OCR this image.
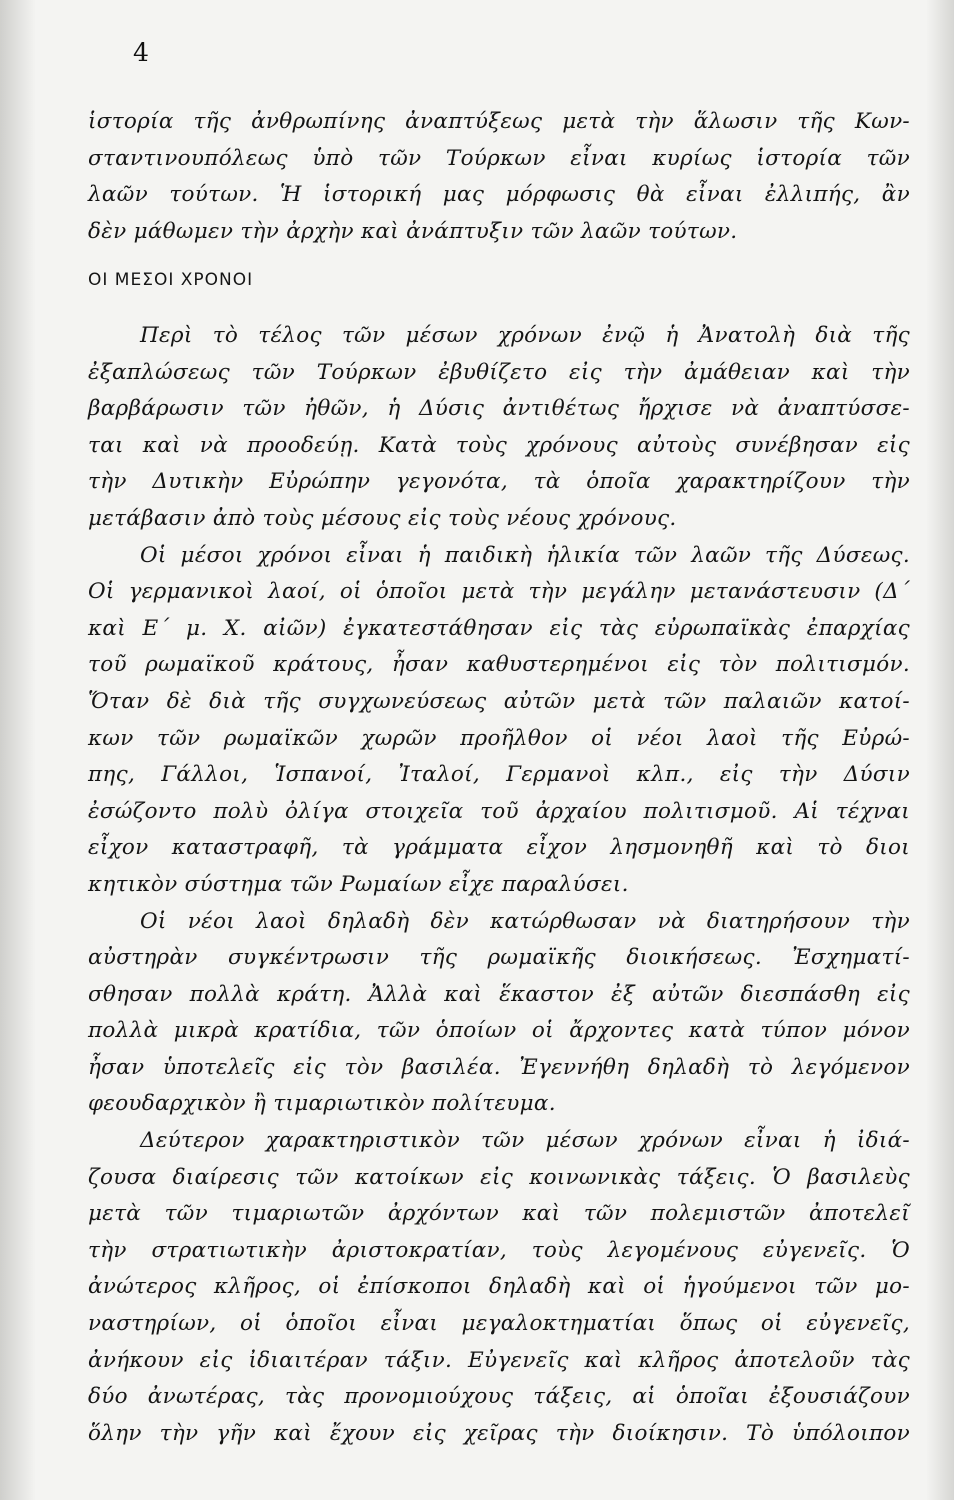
4
ἱστορία τῆς ἀνθρωπίνης ἀναπτύξεως μετὰ τὴν ἅλωσιν τῆς Κων-
σταντινουπόλεως ὑπὸ τῶν Τούρκων εἶναι κυρίως ἱστορία τῶν
λαῶν τούτων. Ἡ ἱστορική μας μόρφωσις θὰ εἶναι ἐλλιπής, ἂν
δὲν μάθωμεν τὴν ἀρχὴν καὶ ἀνάπτυξιν τῶν λαῶν τούτων.
ΟΙ ΜΕΣΟΙ ΧΡΟΝΟΙ
Περὶ τὸ τέλος τῶν μέσων χρόνων ἐνῷ ἡ Ἀνατολὴ διὰ τῆς
ἐξαπλώσεως τῶν Τούρκων ἐβυθίζετο εἰς τὴν ἀμάθειαν καὶ τὴν
βαρβάρωσιν τῶν ἠθῶν, ἡ Δύσις ἀντιθέτως ἤρχισε νὰ ἀναπτύσσε-
ται καὶ νὰ προοδεύῃ. Κατὰ τοὺς χρόνους αὐτοὺς συνέβησαν εἰς
τὴν Δυτικὴν Εὐρώπην γεγονότα, τὰ ὁποῖα χαρακτηρίζουν τὴν
μετάβασιν ἀπὸ τοὺς μέσους εἰς τοὺς νέους χρόνους.
Οἱ μέσοι χρόνοι εἶναι ἡ παιδικὴ ἡλικία τῶν λαῶν τῆς Δύσεως.
Οἱ γερμανικοὶ λαοί, οἱ ὁποῖοι μετὰ τὴν μεγάλην μετανάστευσιν (Δ´
καὶ Ε´ μ. Χ. αἰῶν) ἐγκατεστάθησαν εἰς τὰς εὐρωπαϊκὰς ἐπαρχίας
τοῦ ρωμαϊκοῦ κράτους, ἦσαν καθυστερημένοι εἰς τὸν πολιτισμόν.
Ὅταν δὲ διὰ τῆς συγχωνεύσεως αὐτῶν μετὰ τῶν παλαιῶν κατοί-
κων τῶν ρωμαϊκῶν χωρῶν προῆλθον οἱ νέοι λαοὶ τῆς Εὐρώ-
πης, Γάλλοι, Ἱσπανοί, Ἰταλοί, Γερμανοὶ κλπ., εἰς τὴν Δύσιν
ἐσώζοντο πολὺ ὀλίγα στοιχεῖα τοῦ ἀρχαίου πολιτισμοῦ. Αἱ τέχναι
εἶχον καταστραφῆ, τὰ γράμματα εἶχον λησμονηθῆ καὶ τὸ διοι
κητικὸν σύστημα τῶν Ρωμαίων εἶχε παραλύσει.
Οἱ νέοι λαοὶ δηλαδὴ δὲν κατώρθωσαν νὰ διατηρήσουν τὴν
αὐστηρὰν συγκέντρωσιν τῆς ρωμαϊκῆς διοικήσεως. Ἐσχηματί-
σθησαν πολλὰ κράτη. Ἀλλὰ καὶ ἕκαστον ἐξ αὐτῶν διεσπάσθη εἰς
πολλὰ μικρὰ κρατίδια, τῶν ὁποίων οἱ ἄρχοντες κατὰ τύπον μόνον
ἦσαν ὑποτελεῖς εἰς τὸν βασιλέα. Ἐγεννήθη δηλαδὴ τὸ λεγόμενον
φεουδαρχικὸν ἢ τιμαριωτικὸν πολίτευμα.
Δεύτερον χαρακτηριστικὸν τῶν μέσων χρόνων εἶναι ἡ ἰδιά-
ζουσα διαίρεσις τῶν κατοίκων εἰς κοινωνικὰς τάξεις. Ὁ βασιλεὺς
μετὰ τῶν τιμαριωτῶν ἀρχόντων καὶ τῶν πολεμιστῶν ἀποτελεῖ
τὴν στρατιωτικὴν ἀριστοκρατίαν, τοὺς λεγομένους εὐγενεῖς. Ὁ
ἀνώτερος κλῆρος, οἱ ἐπίσκοποι δηλαδὴ καὶ οἱ ἡγούμενοι τῶν μο-
ναστηρίων, οἱ ὁποῖοι εἶναι μεγαλοκτηματίαι ὅπως οἱ εὐγενεῖς,
ἀνήκουν εἰς ἰδιαιτέραν τάξιν. Εὐγενεῖς καὶ κλῆρος ἀποτελοῦν τὰς
δύο ἀνωτέρας, τὰς προνομιούχους τάξεις, αἱ ὁποῖαι ἐξουσιάζουν
ὅλην τὴν γῆν καὶ ἔχουν εἰς χεῖρας τὴν διοίκησιν. Τὸ ὑπόλοιπον
